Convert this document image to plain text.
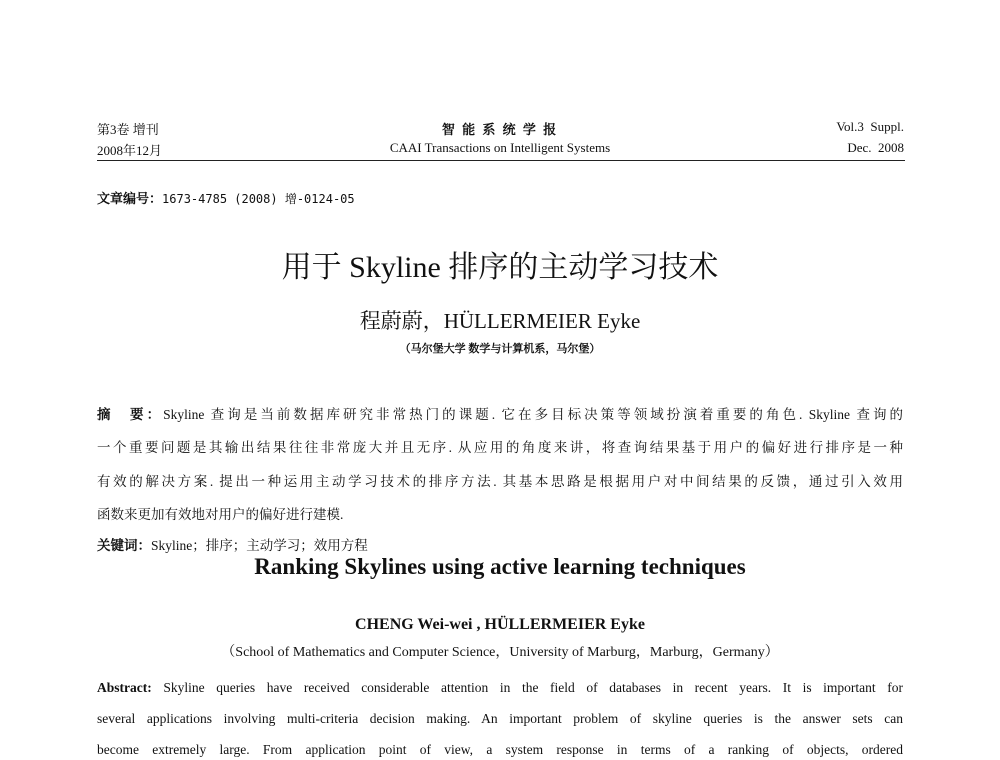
第3卷 增刊
2008年12月
智 能 系 统 学 报
CAAI Transactions on Intelligent Systems
Vol.3  Suppl.
Dec.  2008
文章编号：1673-4785 (2008) 增-0124-05
用于 Skyline 排序的主动学习技术
程蔚蔚，HÜLLERMEIER Eyke
（马尔堡大学 数学与计算机系，马尔堡）
摘　要：Skyline 查询是当前数据库研究非常热门的课题. 它在多目标决策等领域扮演着重要的角色. Skyline 查询的
一个重要问题是其输出结果往往非常庞大并且无序. 从应用的角度来讲，将查询结果基于用户的偏好进行排序是一种
有效的解决方案. 提出一种运用主动学习技术的排序方法. 其基本思路是根据用户对中间结果的反馈，通过引入效用
函数来更加有效地对用户的偏好进行建模.
关键词：Skyline；排序；主动学习；效用方程
Ranking Skylines using active learning techniques
CHENG Wei-wei , HÜLLERMEIER Eyke
（School of Mathematics and Computer Science，University of Marburg，Marburg，Germany）
Abstract: Skyline queries have received considerable attention in the field of databases in recent years. It is important for
several applications involving multi-criteria decision making. An important problem of skyline queries is the answer sets can
become extremely large. From application point of view, a system response in terms of a ranking of objects, ordered
